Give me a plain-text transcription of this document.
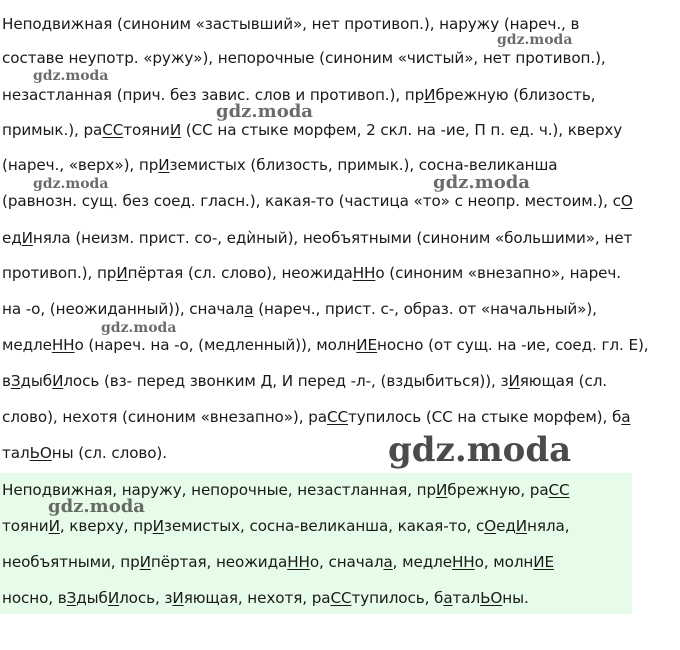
Неподвижная (синоним «застывший», нет противоп.), наружу (нареч., в
составе неупотр. «ружу»), непорочные (синоним «чистый», нет противоп.),
незастланная (прич. без завис. слов и противоп.), прИбрежную (близость,
примык.), раССтояниИ (СС на стыке морфем, 2 скл. на -ие, П п. ед. ч.), кверху
(нареч., «верх»), прИземистых (близость, примык.), сосна-великанша
(равнозн. сущ. без соед. гласн.), какая-то (частица «то» с неопр. местоим.), сО
едИняла (неизм. прист. со-, едѝный), необъятными (синоним «большими», нет
противоп.), прИпёртая (сл. слово), неожидаННо (синоним «внезапно», нареч.
на -о, (неожиданный)), сначала (нареч., прист. с-, образ. от «начальный»),
медлеННо (нареч. на -о, (медленный)), молнИЕносно (от сущ. на -ие, соед. гл. Е),
вЗдыбИлось (вз- перед звонким Д, И перед -л-, (вздыбиться)), зИяющая (сл.
слово), нехотя (синоним «внезапно»), раССтупилось (СС на стыке морфем), ба
талЬОны (сл. слово).
Неподвижная, наружу, непорочные, незастланная, прИбрежную, раСС
тояниИ, кверху, прИземистых, сосна-великанша, какая-то, сОедИняла,
необъятными, прИпёртая, неожидаННо, сначала, медлеННо, молнИЕ
носно, вЗдыбИлось, зИяющая, нехотя, раССтупилось, баталЬОны.
gdz.moda
gdz.moda
gdz.moda
gdz.moda	gdz.moda
gdz.moda
gdz.moda
gdz.moda
